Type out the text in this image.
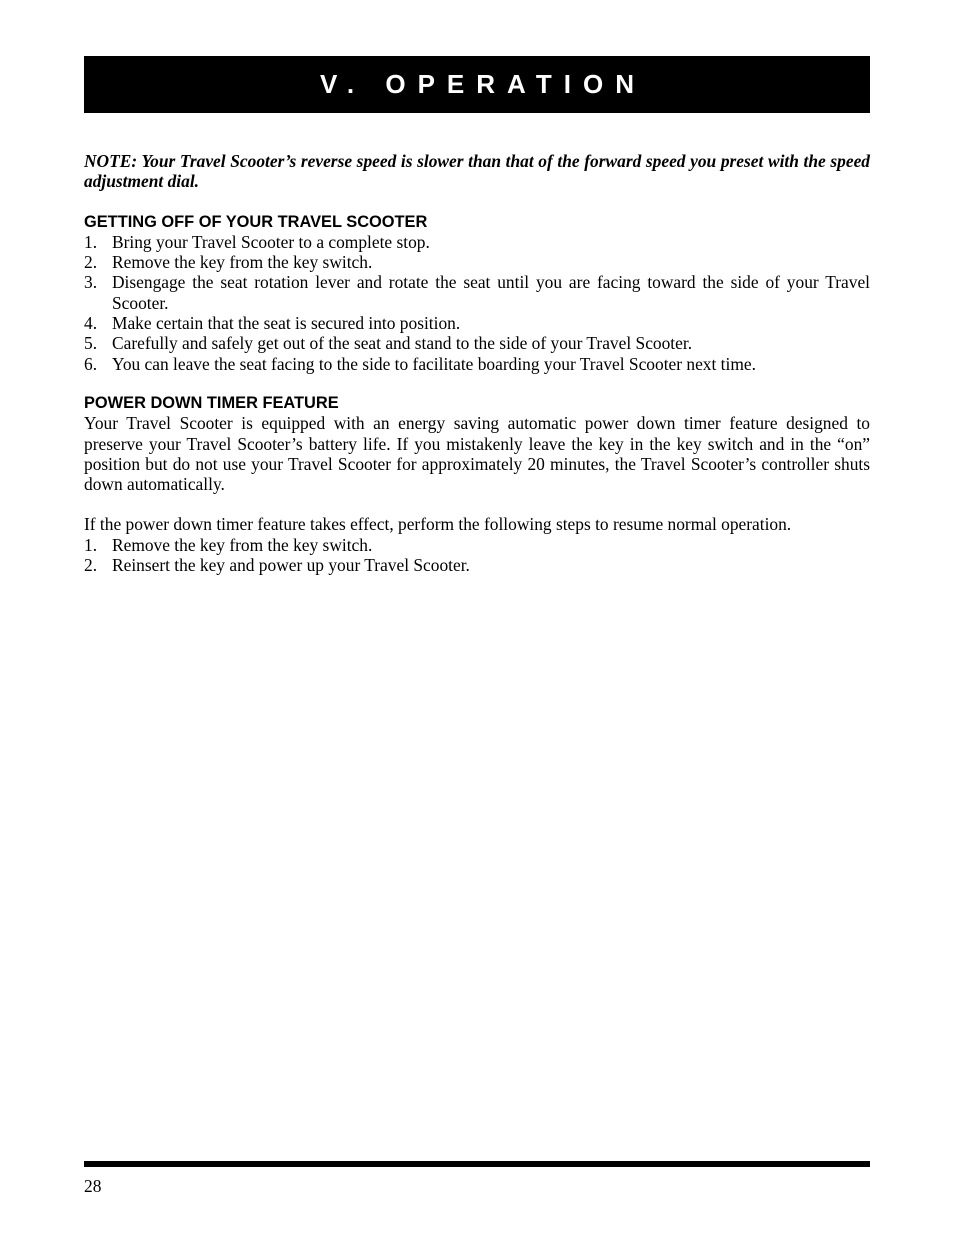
V. OPERATION

NOTE: Your Travel Scooter’s reverse speed is slower than that of the forward speed you preset with the speed adjustment dial.

GETTING OFF OF YOUR TRAVEL SCOOTER
1. Bring your Travel Scooter to a complete stop.
2. Remove the key from the key switch.
3. Disengage the seat rotation lever and rotate the seat until you are facing toward the side of your Travel Scooter.
4. Make certain that the seat is secured into position.
5. Carefully and safely get out of the seat and stand to the side of your Travel Scooter.
6. You can leave the seat facing to the side to facilitate boarding your Travel Scooter next time.
POWER DOWN TIMER FEATURE

Your Travel Scooter is equipped with an energy saving automatic power down timer feature designed to preserve your Travel Scooter’s battery life. If you mistakenly leave the key in the key switch and in the “on” position but do not use your Travel Scooter for approximately 20 minutes, the Travel Scooter’s controller shuts down automatically.

If the power down timer feature takes effect, perform the following steps to resume normal operation.

1. Remove the key from the key switch.
2. Reinsert the key and power up your Travel Scooter.
28
